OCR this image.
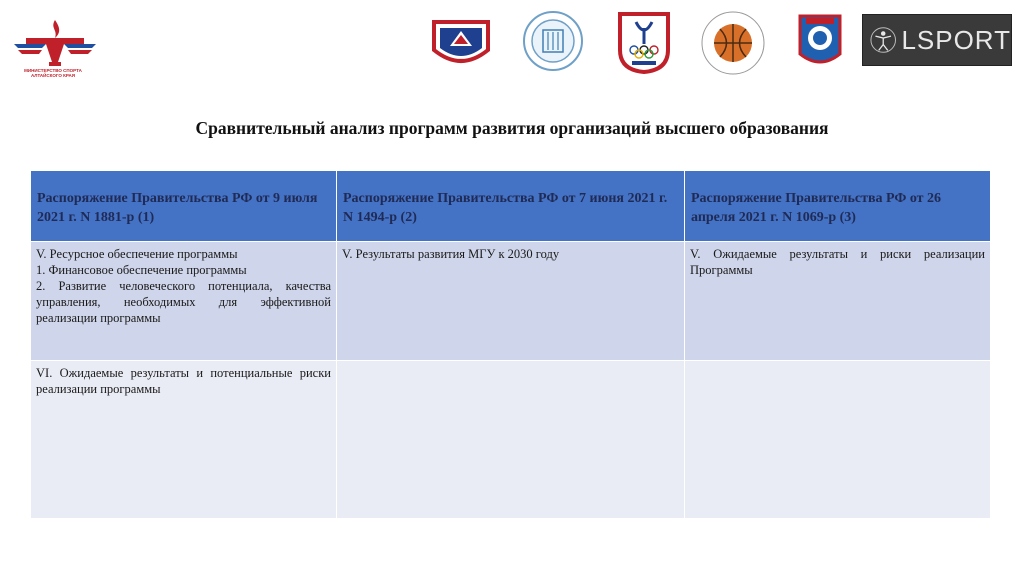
МИНИСТЕРСТВО СПОРТА АЛТАЙСКОГО КРАЯ
LSPORT
Сравнительный анализ программ развития организаций высшего образования
Распоряжение Правительства РФ от 9 июля 2021 г. N 1881-р (1)	Распоряжение Правительства РФ от 7 июня 2021 г. N 1494-р (2)	Распоряжение Правительства РФ от 26 апреля 2021 г. N 1069-р (3)

V. Ресурсное обеспечение программы
1. Финансовое обеспечение программы
2. Развитие человеческого потенциала, качества управления, необходимых для эффективной реализации программы	V. Результаты развития МГУ к 2030 году	V. Ожидаемые результаты и риски реализации Программы
VI. Ожидаемые результаты и потенциальные риски реализации программы		
